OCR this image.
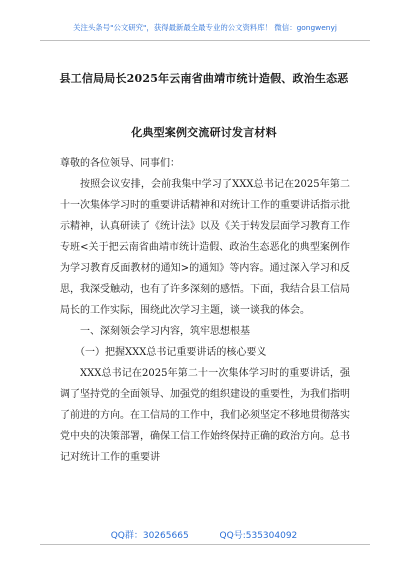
关注头条号"公文研究"，获得最新最全最专业的公文资料库！ 微信：gongwenyj
县工信局局长2025年云南省曲靖市统计造假、政治生态恶
化典型案例交流研讨发言材料

尊敬的各位领导、同事们：

按照会议安排，会前我集中学习了XXX总书记在2025年第二十一次集体学习时的重要讲话精神和对统计工作的重要讲话指示批示精神，认真研读了《统计法》以及《关于转发层面学习教育工作专班<关于把云南省曲靖市统计造假、政治生态恶化的典型案例作为学习教育反面教材的通知>的通知》等内容。通过深入学习和反思，我深受触动，也有了许多深刻的感悟。下面，我结合县工信局局长的工作实际，围绕此次学习主题，谈一谈我的体会。

一、深刻领会学习内容，筑牢思想根基

（一）把握XXX总书记重要讲话的核心要义

XXX总书记在2025年第二十一次集体学习时的重要讲话，强调了坚持党的全面领导、加强党的组织建设的重要性，为我们指明了前进的方向。在工信局的工作中，我们必须坚定不移地贯彻落实党中央的决策部署，确保工信工作始终保持正确的政治方向。总书记对统计工作的重要讲

QQ群：30265665	QQ号:535304092
